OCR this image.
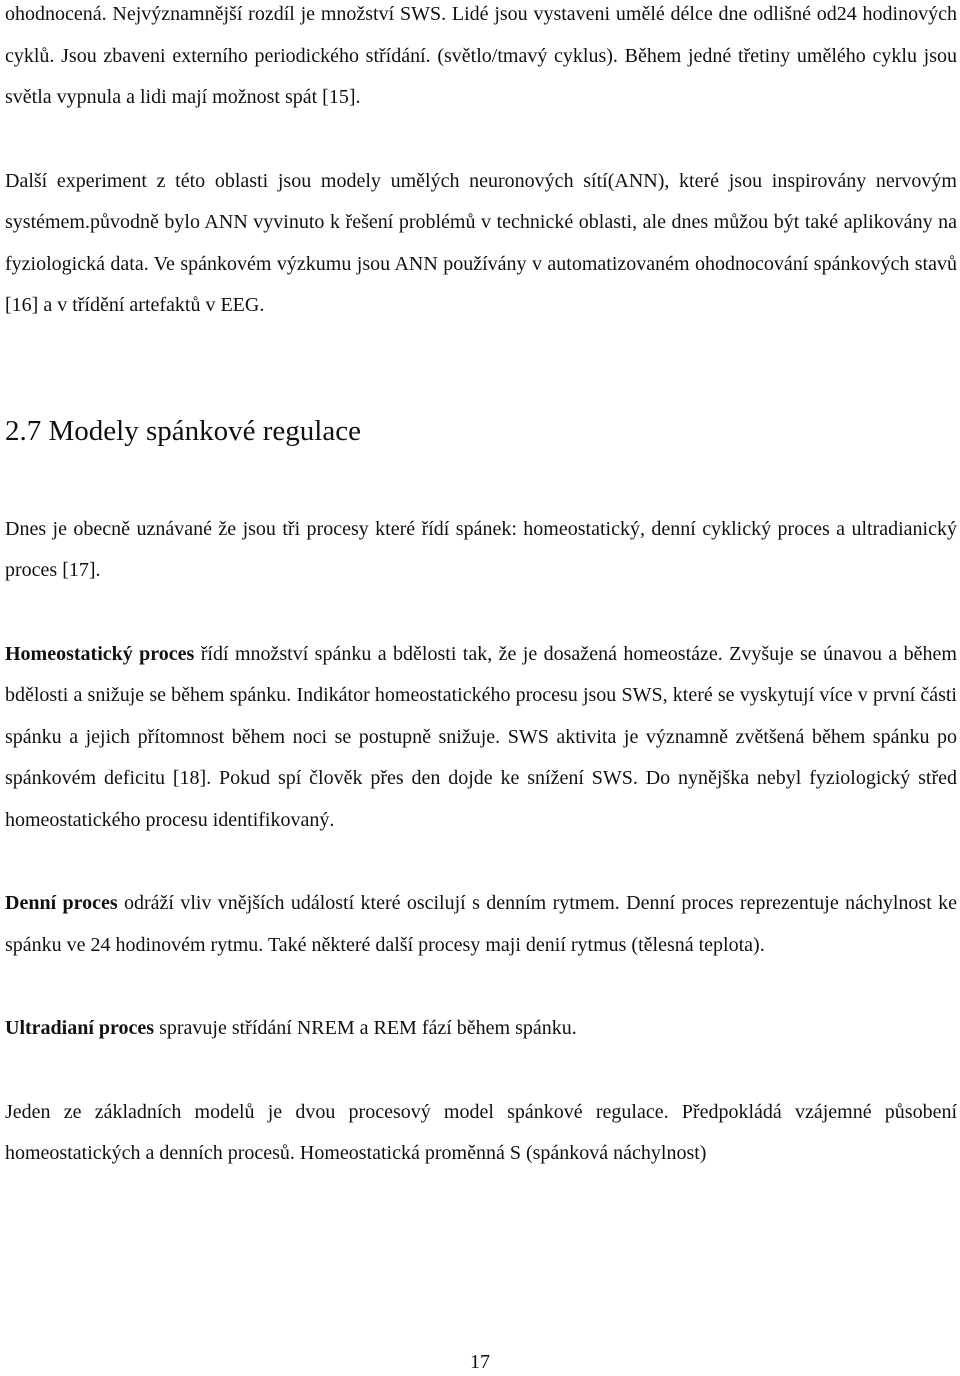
ohodnocená. Nejvýznamnější rozdíl je množství SWS. Lidé jsou vystaveni umělé délce dne odlišné od24 hodinových cyklů. Jsou zbaveni externího periodického střídání. (světlo/tmavý cyklus). Během jedné třetiny umělého cyklu jsou světla vypnula a lidi mají možnost spát [15].

Další experiment z této oblasti jsou modely umělých neuronových sítí(ANN), které jsou inspirovány nervovým systémem.původně bylo ANN vyvinuto k řešení problémů v technické oblasti, ale dnes můžou být také aplikovány na fyziologická data. Ve spánkovém výzkumu jsou ANN používány v automatizovaném ohodnocování spánkových stavů [16] a v třídění artefaktů v EEG.

2.7 Modely spánkové regulace

Dnes je obecně uznávané že jsou tři procesy které řídí spánek: homeostatický, denní cyklický proces a ultradianický proces [17].

Homeostatický proces řídí množství spánku a bdělosti tak, že je dosažená homeostáze. Zvyšuje se únavou a během bdělosti a snižuje se během spánku. Indikátor homeostatického procesu jsou SWS, které se vyskytují více v první části spánku a jejich přítomnost během noci se postupně snižuje. SWS aktivita je významně zvětšená během spánku po spánkovém deficitu [18]. Pokud spí člověk přes den dojde ke snížení SWS. Do nynějška nebyl fyziologický střed homeostatického procesu identifikovaný.

Denní proces odráží vliv vnějších událostí které oscilují s denním rytmem. Denní proces reprezentuje náchylnost ke spánku ve 24 hodinovém rytmu. Také některé další procesy maji denií rytmus (tělesná teplota).

Ultradianí proces spravuje střídání NREM a REM fází během spánku.

Jeden ze základních modelů je dvou procesový model spánkové regulace. Předpokládá vzájemné působení homeostatických a denních procesů. Homeostatická proměnná S (spánková náchylnost)

17
